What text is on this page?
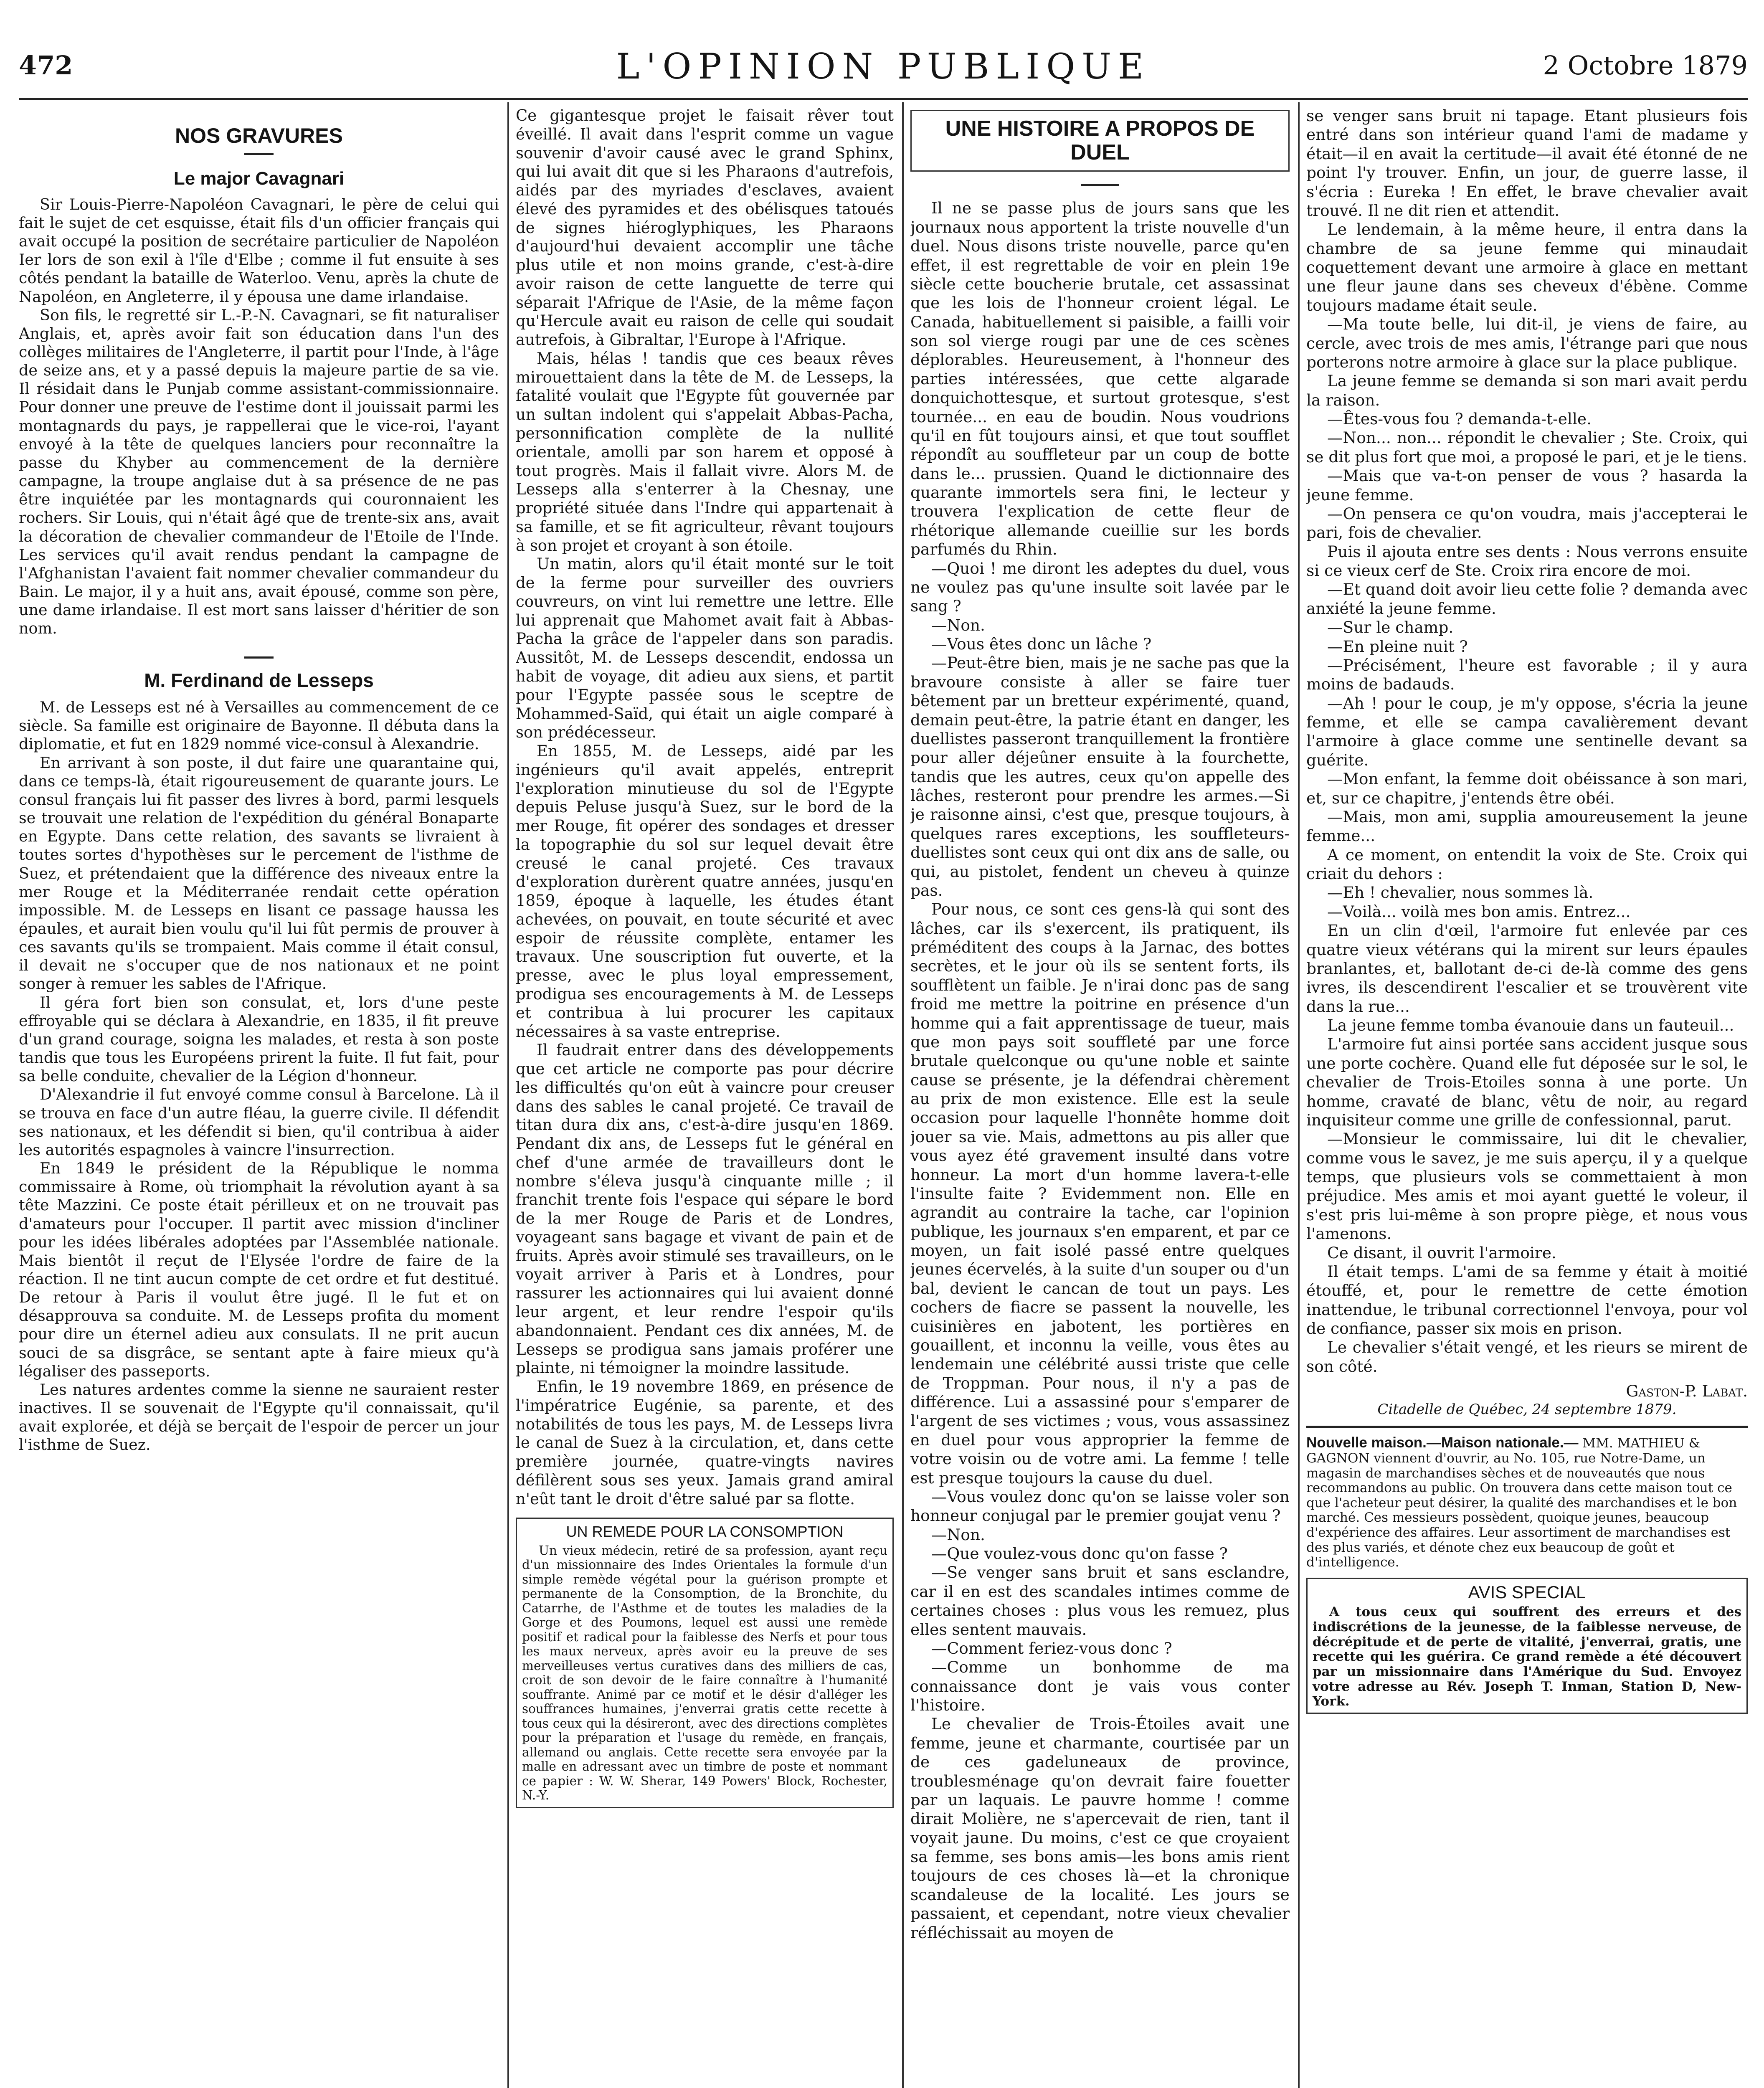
472	L'OPINION PUBLIQUE	2 Octobre 1879
NOS GRAVURES
Le major Cavagnari

Sir Louis-Pierre-Napoléon Cavagnari, le père de celui qui fait le sujet de cet esquisse, était fils d'un officier français qui avait occupé la position de secrétaire particulier de Napoléon Ier lors de son exil à l'île d'Elbe ; comme il fut ensuite à ses côtés pendant la bataille de Waterloo. Venu, après la chute de Napoléon, en Angleterre, il y épousa une dame irlandaise.

Son fils, le regretté sir L.-P.-N. Cavagnari, se fit naturaliser Anglais, et, après avoir fait son éducation dans l'un des collèges militaires de l'Angleterre, il partit pour l'Inde, à l'âge de seize ans, et y a passé depuis la majeure partie de sa vie. Il résidait dans le Punjab comme assistant-commissionnaire. Pour donner une preuve de l'estime dont il jouissait parmi les montagnards du pays, je rappellerai que le vice-roi, l'ayant envoyé à la tête de quelques lanciers pour reconnaître la passe du Khyber au commencement de la dernière campagne, la troupe anglaise dut à sa présence de ne pas être inquiétée par les montagnards qui couronnaient les rochers. Sir Louis, qui n'était âgé que de trente-six ans, avait la décoration de chevalier commandeur de l'Etoile de l'Inde. Les services qu'il avait rendus pendant la campagne de l'Afghanistan l'avaient fait nommer chevalier commandeur du Bain. Le major, il y a huit ans, avait épousé, comme son père, une dame irlandaise. Il est mort sans laisser d'héritier de son nom.

M. Ferdinand de Lesseps

M. de Lesseps est né à Versailles au commencement de ce siècle. Sa famille est originaire de Bayonne. Il débuta dans la diplomatie, et fut en 1829 nommé vice-consul à Alexandrie.

En arrivant à son poste, il dut faire une quarantaine qui, dans ce temps-là, était rigoureusement de quarante jours. Le consul français lui fit passer des livres à bord, parmi lesquels se trouvait une relation de l'expédition du général Bonaparte en Egypte. Dans cette relation, des savants se livraient à toutes sortes d'hypothèses sur le percement de l'isthme de Suez, et prétendaient que la différence des niveaux entre la mer Rouge et la Méditerranée rendait cette opération impossible. M. de Lesseps en lisant ce passage haussa les épaules, et aurait bien voulu qu'il lui fût permis de prouver à ces savants qu'ils se trompaient. Mais comme il était consul, il devait ne s'occuper que de nos nationaux et ne point songer à remuer les sables de l'Afrique.

Il géra fort bien son consulat, et, lors d'une peste effroyable qui se déclara à Alexandrie, en 1835, il fit preuve d'un grand courage, soigna les malades, et resta à son poste tandis que tous les Européens prirent la fuite. Il fut fait, pour sa belle conduite, chevalier de la Légion d'honneur.

D'Alexandrie il fut envoyé comme consul à Barcelone. Là il se trouva en face d'un autre fléau, la guerre civile. Il défendit ses nationaux, et les défendit si bien, qu'il contribua à aider les autorités espagnoles à vaincre l'insurrection.

En 1849 le président de la République le nomma commissaire à Rome, où triomphait la révolution ayant à sa tête Mazzini. Ce poste était périlleux et on ne trouvait pas d'amateurs pour l'occuper. Il partit avec mission d'incliner pour les idées libérales adoptées par l'Assemblée nationale. Mais bientôt il reçut de l'Elysée l'ordre de faire de la réaction. Il ne tint aucun compte de cet ordre et fut destitué. De retour à Paris il voulut être jugé. Il le fut et on désapprouva sa conduite. M. de Lesseps profita du moment pour dire un éternel adieu aux consulats. Il ne prit aucun souci de sa disgrâce, se sentant apte à faire mieux qu'à légaliser des passeports.

Les natures ardentes comme la sienne ne sauraient rester inactives. Il se souvenait de l'Egypte qu'il connaissait, qu'il avait explorée, et déjà se berçait de l'espoir de percer un jour l'isthme de Suez.

Ce gigantesque projet le faisait rêver tout éveillé. Il avait dans l'esprit comme un vague souvenir d'avoir causé avec le grand Sphinx, qui lui avait dit que si les Pharaons d'autrefois, aidés par des myriades d'esclaves, avaient élevé des pyramides et des obélisques tatoués de signes hiéroglyphiques, les Pharaons d'aujourd'hui devaient accomplir une tâche plus utile et non moins grande, c'est-à-dire avoir raison de cette languette de terre qui séparait l'Afrique de l'Asie, de la même façon qu'Hercule avait eu raison de celle qui soudait autrefois, à Gibraltar, l'Europe à l'Afrique.

Mais, hélas ! tandis que ces beaux rêves mirouettaient dans la tête de M. de Lesseps, la fatalité voulait que l'Egypte fût gouvernée par un sultan indolent qui s'appelait Abbas-Pacha, personnification complète de la nullité orientale, amolli par son harem et opposé à tout progrès. Mais il fallait vivre. Alors M. de Lesseps alla s'enterrer à la Chesnay, une propriété située dans l'Indre qui appartenait à sa famille, et se fit agriculteur, rêvant toujours à son projet et croyant à son étoile.

Un matin, alors qu'il était monté sur le toit de la ferme pour surveiller des ouvriers couvreurs, on vint lui remettre une lettre. Elle lui apprenait que Mahomet avait fait à Abbas-Pacha la grâce de l'appeler dans son paradis. Aussitôt, M. de Lesseps descendit, endossa un habit de voyage, dit adieu aux siens, et partit pour l'Egypte passée sous le sceptre de Mohammed-Saïd, qui était un aigle comparé à son prédécesseur.

En 1855, M. de Lesseps, aidé par les ingénieurs qu'il avait appelés, entreprit l'exploration minutieuse du sol de l'Egypte depuis Peluse jusqu'à Suez, sur le bord de la mer Rouge, fit opérer des sondages et dresser la topographie du sol sur lequel devait être creusé le canal projeté. Ces travaux d'exploration durèrent quatre années, jusqu'en 1859, époque à laquelle, les études étant achevées, on pouvait, en toute sécurité et avec espoir de réussite complète, entamer les travaux. Une souscription fut ouverte, et la presse, avec le plus loyal empressement, prodigua ses encouragements à M. de Lesseps et contribua à lui procurer les capitaux nécessaires à sa vaste entreprise.

Il faudrait entrer dans des développements que cet article ne comporte pas pour décrire les difficultés qu'on eût à vaincre pour creuser dans des sables le canal projeté. Ce travail de titan dura dix ans, c'est-à-dire jusqu'en 1869. Pendant dix ans, de Lesseps fut le général en chef d'une armée de travailleurs dont le nombre s'éleva jusqu'à cinquante mille ; il franchit trente fois l'espace qui sépare le bord de la mer Rouge de Paris et de Londres, voyageant sans bagage et vivant de pain et de fruits. Après avoir stimulé ses travailleurs, on le voyait arriver à Paris et à Londres, pour rassurer les actionnaires qui lui avaient donné leur argent, et leur rendre l'espoir qu'ils abandonnaient. Pendant ces dix années, M. de Lesseps se prodigua sans jamais proférer une plainte, ni témoigner la moindre lassitude.

Enfin, le 19 novembre 1869, en présence de l'impératrice Eugénie, sa parente, et des notabilités de tous les pays, M. de Lesseps livra le canal de Suez à la circulation, et, dans cette première journée, quatre-vingts navires défilèrent sous ses yeux. Jamais grand amiral n'eût tant le droit d'être salué par sa flotte.

UN REMEDE POUR LA CONSOMPTION

Un vieux médecin, retiré de sa profession, ayant reçu d'un missionnaire des Indes Orientales la formule d'un simple remède végétal pour la guérison prompte et permanente de la Consomption, de la Bronchite, du Catarrhe, de l'Asthme et de toutes les maladies de la Gorge et des Poumons, lequel est aussi une remède positif et radical pour la faiblesse des Nerfs et pour tous les maux nerveux, après avoir eu la preuve de ses merveilleuses vertus curatives dans des milliers de cas, croit de son devoir de le faire connaître à l'humanité souffrante. Animé par ce motif et le désir d'alléger les souffrances humaines, j'enverrai gratis cette recette à tous ceux qui la désireront, avec des directions complètes pour la préparation et l'usage du remède, en français, allemand ou anglais. Cette recette sera envoyée par la malle en adressant avec un timbre de poste et nommant ce papier : W. W. Sherar, 149 Powers' Block, Rochester, N.-Y.

UNE HISTOIRE A PROPOS DE DUEL

Il ne se passe plus de jours sans que les journaux nous apportent la triste nouvelle d'un duel. Nous disons triste nouvelle, parce qu'en effet, il est regrettable de voir en plein 19e siècle cette boucherie brutale, cet assassinat que les lois de l'honneur croient légal. Le Canada, habituellement si paisible, a failli voir son sol vierge rougi par une de ces scènes déplorables. Heureusement, à l'honneur des parties intéressées, que cette algarade donquichottesque, et surtout grotesque, s'est tournée... en eau de boudin. Nous voudrions qu'il en fût toujours ainsi, et que tout soufflet répondît au souffleteur par un coup de botte dans le... prussien. Quand le dictionnaire des quarante immortels sera fini, le lecteur y trouvera l'explication de cette fleur de rhétorique allemande cueillie sur les bords parfumés du Rhin.

—Quoi ! me diront les adeptes du duel, vous ne voulez pas qu'une insulte soit lavée par le sang ?

—Non.

—Vous êtes donc un lâche ?

—Peut-être bien, mais je ne sache pas que la bravoure consiste à aller se faire tuer bêtement par un bretteur expérimenté, quand, demain peut-être, la patrie étant en danger, les duellistes passeront tranquillement la frontière pour aller déjeûner ensuite à la fourchette, tandis que les autres, ceux qu'on appelle des lâches, resteront pour prendre les armes.—Si je raisonne ainsi, c'est que, presque toujours, à quelques rares exceptions, les souffleteurs-duellistes sont ceux qui ont dix ans de salle, ou qui, au pistolet, fendent un cheveu à quinze pas.

Pour nous, ce sont ces gens-là qui sont des lâches, car ils s'exercent, ils pratiquent, ils préméditent des coups à la Jarnac, des bottes secrètes, et le jour où ils se sentent forts, ils soufflètent un faible. Je n'irai donc pas de sang froid me mettre la poitrine en présence d'un homme qui a fait apprentissage de tueur, mais que mon pays soit souffleté par une force brutale quelconque ou qu'une noble et sainte cause se présente, je la défendrai chèrement au prix de mon existence. Elle est la seule occasion pour laquelle l'honnête homme doit jouer sa vie. Mais, admettons au pis aller que vous ayez été gravement insulté dans votre honneur. La mort d'un homme lavera-t-elle l'insulte faite ? Evidemment non. Elle en agrandit au contraire la tache, car l'opinion publique, les journaux s'en emparent, et par ce moyen, un fait isolé passé entre quelques jeunes écervelés, à la suite d'un souper ou d'un bal, devient le cancan de tout un pays. Les cochers de fiacre se passent la nouvelle, les cuisinières en jabotent, les portières en gouaillent, et inconnu la veille, vous êtes au lendemain une célébrité aussi triste que celle de Troppman. Pour nous, il n'y a pas de différence. Lui a assassiné pour s'emparer de l'argent de ses victimes ; vous, vous assassinez en duel pour vous approprier la femme de votre voisin ou de votre ami. La femme ! telle est presque toujours la cause du duel.

—Vous voulez donc qu'on se laisse voler son honneur conjugal par le premier goujat venu ?

—Non.

—Que voulez-vous donc qu'on fasse ?

—Se venger sans bruit et sans esclandre, car il en est des scandales intimes comme de certaines choses : plus vous les remuez, plus elles sentent mauvais.

—Comment feriez-vous donc ?

—Comme un bonhomme de ma connaissance dont je vais vous conter l'histoire.

Le chevalier de Trois-Étoiles avait une femme, jeune et charmante, courtisée par un de ces gadeluneaux de province, troublesménage qu'on devrait faire fouetter par un laquais. Le pauvre homme ! comme dirait Molière, ne s'apercevait de rien, tant il voyait jaune. Du moins, c'est ce que croyaient sa femme, ses bons amis—les bons amis rient toujours de ces choses là—et la chronique scandaleuse de la localité. Les jours se passaient, et cependant, notre vieux chevalier réfléchissait au moyen de

se venger sans bruit ni tapage. Etant plusieurs fois entré dans son intérieur quand l'ami de madame y était—il en avait la certitude—il avait été étonné de ne point l'y trouver. Enfin, un jour, de guerre lasse, il s'écria : Eureka ! En effet, le brave chevalier avait trouvé. Il ne dit rien et attendit.

Le lendemain, à la même heure, il entra dans la chambre de sa jeune femme qui minaudait coquettement devant une armoire à glace en mettant une fleur jaune dans ses cheveux d'ébène. Comme toujours madame était seule.

—Ma toute belle, lui dit-il, je viens de faire, au cercle, avec trois de mes amis, l'étrange pari que nous porterons notre armoire à glace sur la place publique.

La jeune femme se demanda si son mari avait perdu la raison.

—Êtes-vous fou ? demanda-t-elle.

—Non... non... répondit le chevalier ; Ste. Croix, qui se dit plus fort que moi, a proposé le pari, et je le tiens.

—Mais que va-t-on penser de vous ? hasarda la jeune femme.

—On pensera ce qu'on voudra, mais j'accepterai le pari, fois de chevalier.

Puis il ajouta entre ses dents : Nous verrons ensuite si ce vieux cerf de Ste. Croix rira encore de moi.

—Et quand doit avoir lieu cette folie ? demanda avec anxiété la jeune femme.

—Sur le champ.

—En pleine nuit ?

—Précisément, l'heure est favorable ; il y aura moins de badauds.

—Ah ! pour le coup, je m'y oppose, s'écria la jeune femme, et elle se campa cavalièrement devant l'armoire à glace comme une sentinelle devant sa guérite.

—Mon enfant, la femme doit obéissance à son mari, et, sur ce chapitre, j'entends être obéi.

—Mais, mon ami, supplia amoureusement la jeune femme...

A ce moment, on entendit la voix de Ste. Croix qui criait du dehors :

—Eh ! chevalier, nous sommes là.

—Voilà... voilà mes bon amis. Entrez...

En un clin d'œil, l'armoire fut enlevée par ces quatre vieux vétérans qui la mirent sur leurs épaules branlantes, et, ballotant de-ci de-là comme des gens ivres, ils descendirent l'escalier et se trouvèrent vite dans la rue...

La jeune femme tomba évanouie dans un fauteuil...

L'armoire fut ainsi portée sans accident jusque sous une porte cochère. Quand elle fut déposée sur le sol, le chevalier de Trois-Etoiles sonna à une porte. Un homme, cravaté de blanc, vêtu de noir, au regard inquisiteur comme une grille de confessionnal, parut.

—Monsieur le commissaire, lui dit le chevalier, comme vous le savez, je me suis aperçu, il y a quelque temps, que plusieurs vols se commettaient à mon préjudice. Mes amis et moi ayant guetté le voleur, il s'est pris lui-même à son propre piège, et nous vous l'amenons.

Ce disant, il ouvrit l'armoire.

Il était temps. L'ami de sa femme y était à moitié étouffé, et, pour le remettre de cette émotion inattendue, le tribunal correctionnel l'envoya, pour vol de confiance, passer six mois en prison.

Le chevalier s'était vengé, et les rieurs se mirent de son côté.

Gaston-P. Labat.
Citadelle de Québec, 24 septembre 1879.
Nouvelle maison.—Maison nationale.— MM. MATHIEU & GAGNON viennent d'ouvrir, au No. 105, rue Notre-Dame, un magasin de marchandises sèches et de nouveautés que nous recommandons au public. On trouvera dans cette maison tout ce que l'acheteur peut désirer, la qualité des marchandises et le bon marché. Ces messieurs possèdent, quoique jeunes, beaucoup d'expérience des affaires. Leur assortiment de marchandises est des plus variés, et dénote chez eux beaucoup de goût et d'intelligence.
AVIS SPECIAL

A tous ceux qui souffrent des erreurs et des indiscrétions de la jeunesse, de la faiblesse nerveuse, de décrépitude et de perte de vitalité, j'enverrai, gratis, une recette qui les guérira. Ce grand remède a été découvert par un missionnaire dans l'Amérique du Sud. Envoyez votre adresse au Rév. Joseph T. Inman, Station D, New-York.
